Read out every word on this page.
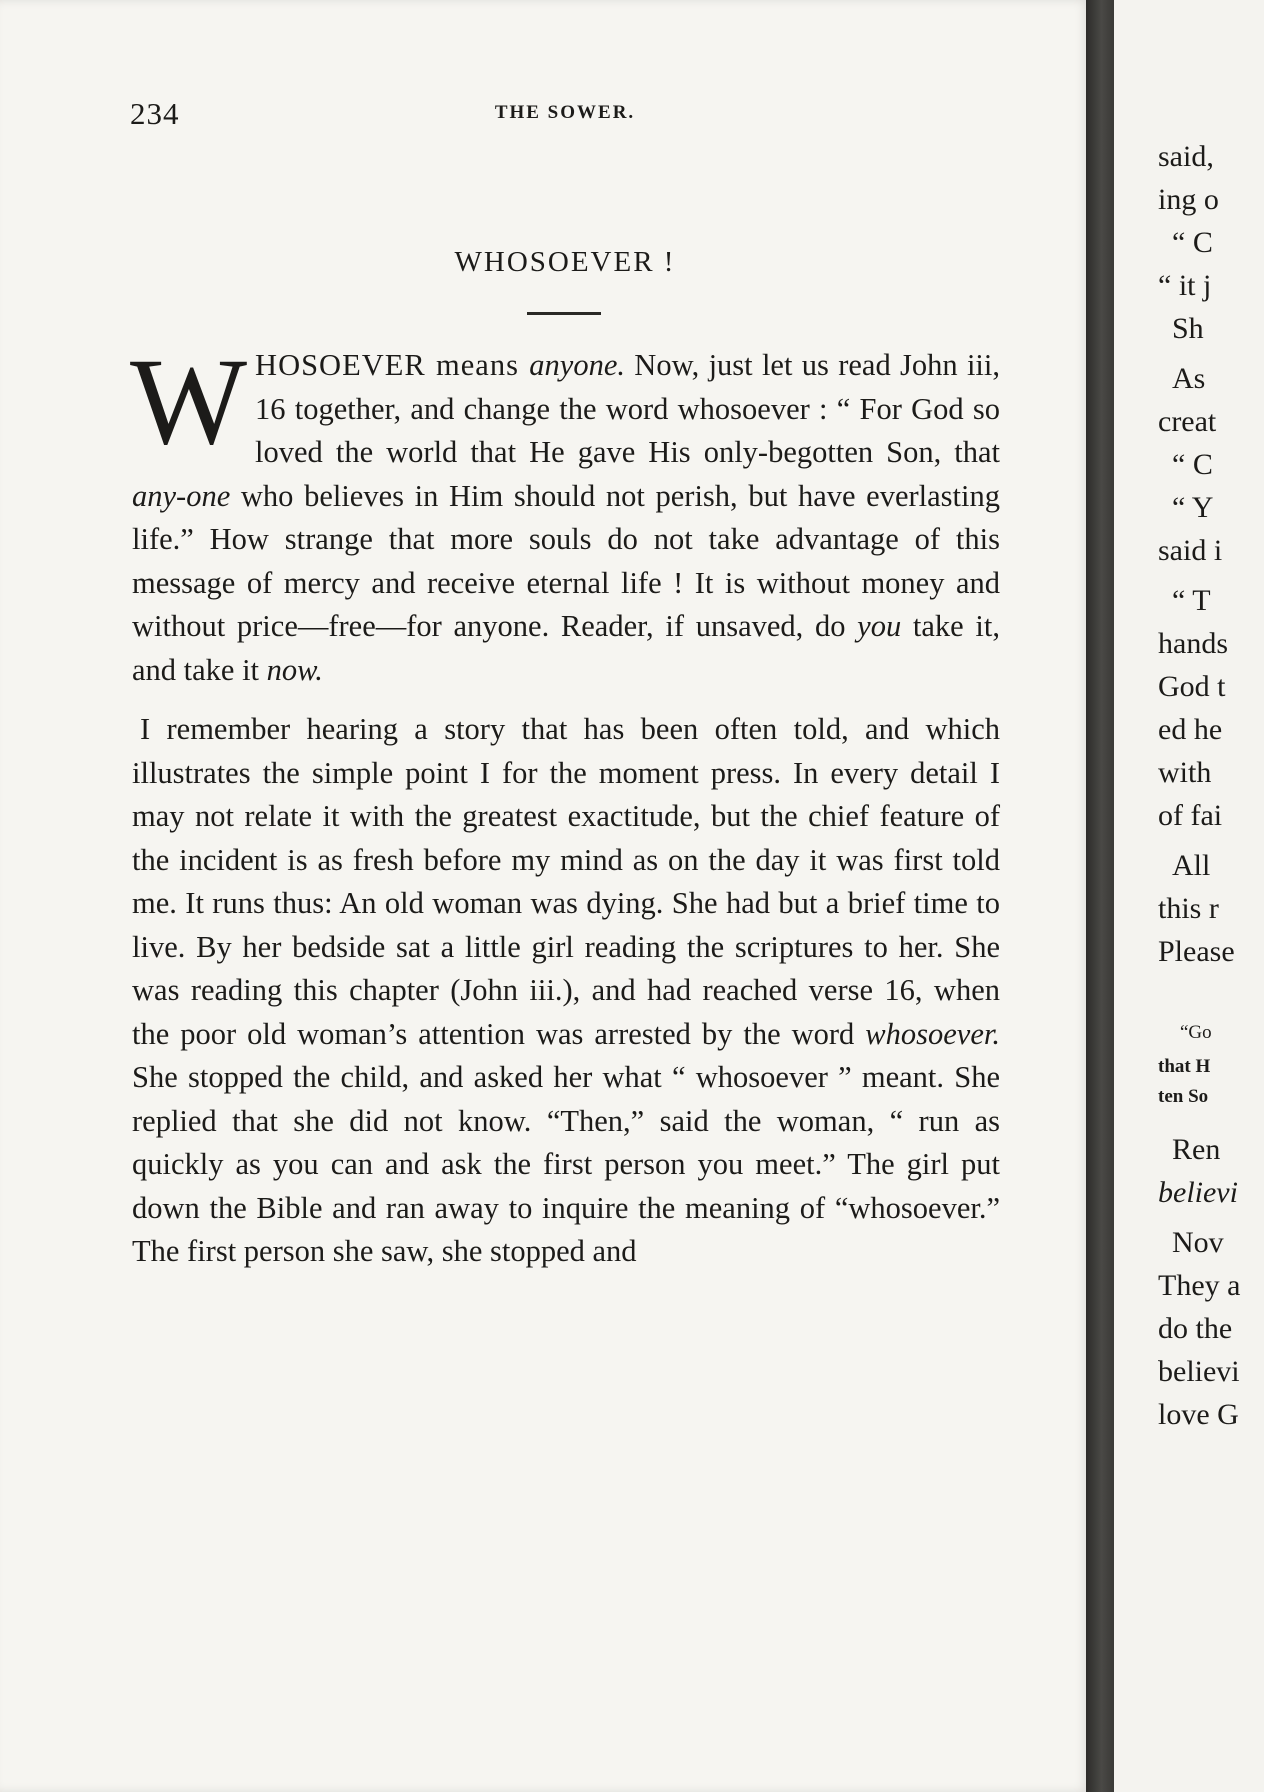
234	THE SOWER.
WHOSOEVER !

WHOSOEVER means anyone. Now, just let us read John iii, 16 together, and change the word whosoever : “ For God so loved the world that He gave His only-begotten Son, that any-one who believes in Him should not perish, but have everlasting life.” How strange that more souls do not take advantage of this message of mercy and receive eternal life ! It is without money and without price—free—for anyone. Reader, if unsaved, do you take it, and take it now.

I remember hearing a story that has been often told, and which illustrates the simple point I for the moment press. In every detail I may not relate it with the greatest exactitude, but the chief feature of the incident is as fresh before my mind as on the day it was first told me. It runs thus: An old woman was dying. She had but a brief time to live. By her bedside sat a little girl reading the scriptures to her. She was reading this chapter (John iii.), and had reached verse 16, when the poor old woman’s attention was arrested by the word whosoever. She stopped the child, and asked her what “ whosoever ” meant. She replied that she did not know. “Then,” said the woman, “ run as quickly as you can and ask the first person you meet.” The girl put down the Bible and ran away to inquire the meaning of “whosoever.” The first person she saw, she stopped and

said,
ing o
“ C
“ it j
Sh
As
creat
“ C
“ Y
said i
“ T
hands
God t
ed he
with
of fai
All
this r
Please
“Go
that H
ten So
Ren
believi
Nov
They a
do the
believi
love G
